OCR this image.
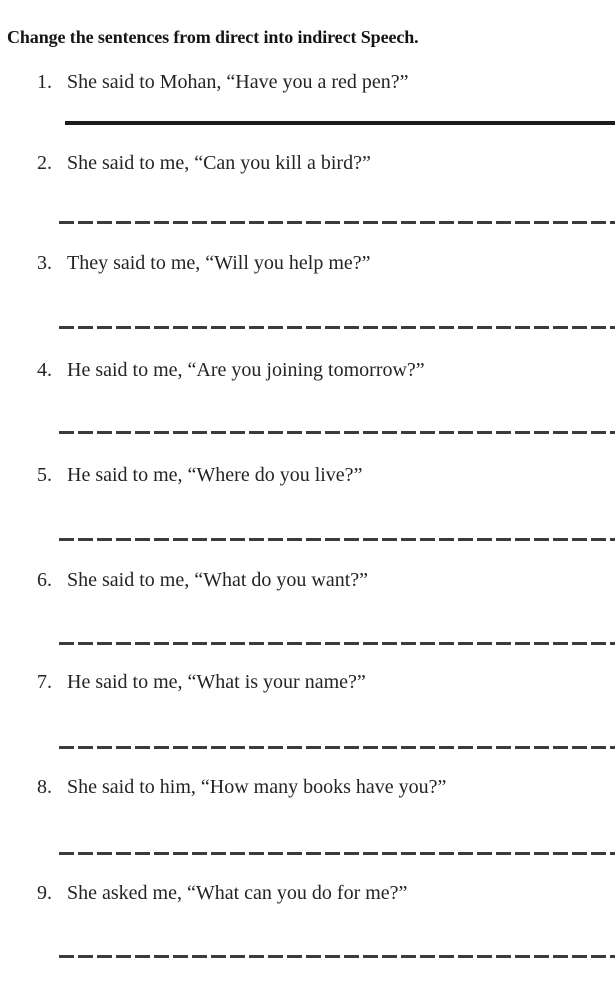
Change the sentences from direct into indirect Speech.
1. She said to Mohan, “Have you a red pen?”
2. She said to me, “Can you kill a bird?”
3. They said to me, “Will you help me?”
4. He said to me, “Are you joining tomorrow?”
5. He said to me, “Where do you live?”
6. She said to me, “What do you want?”
7. He said to me, “What is your name?”
8. She said to him, “How many books have you?”
9. She asked me, “What can you do for me?”
